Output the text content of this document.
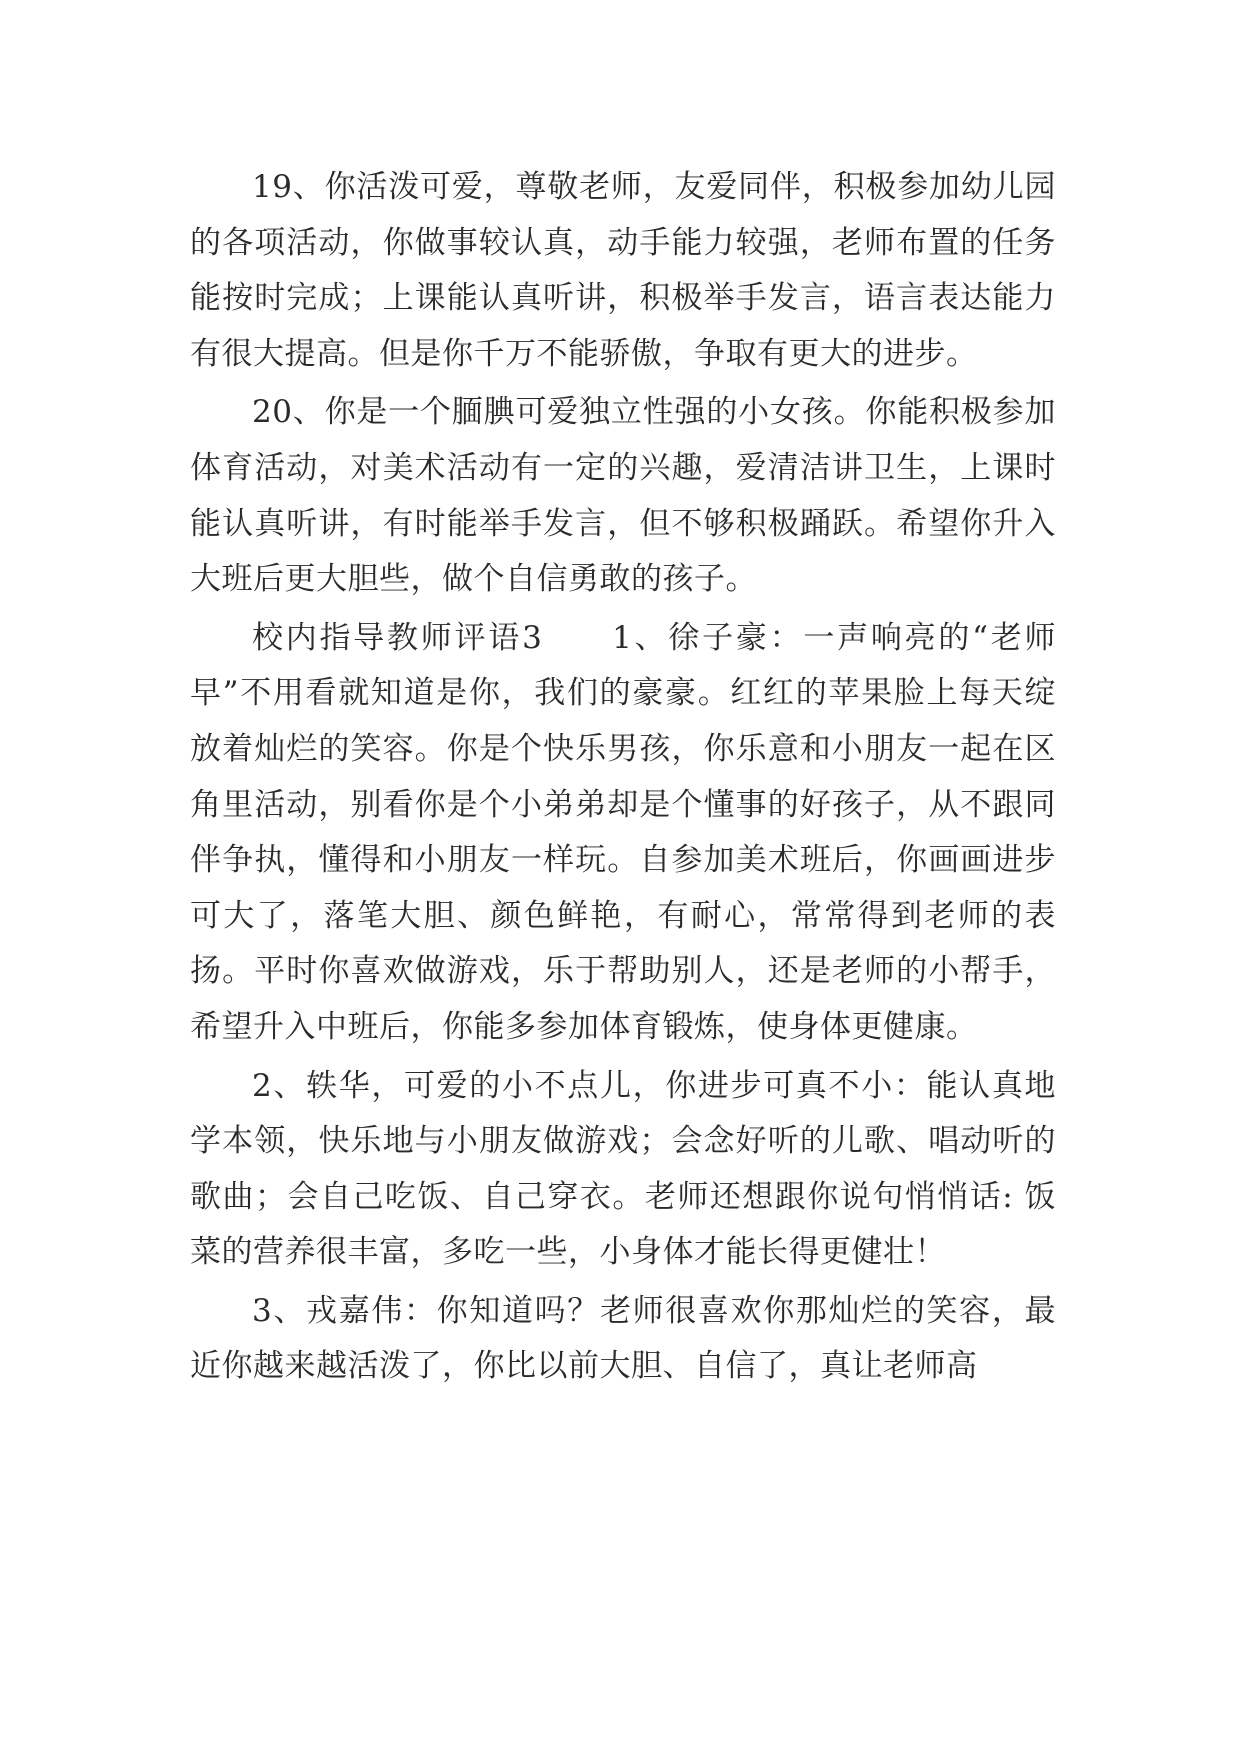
19、你活泼可爱，尊敬老师，友爱同伴，积极参加幼儿园的各项活动，你做事较认真，动手能力较强，老师布置的任务能按时完成；上课能认真听讲，积极举手发言，语言表达能力有很大提高。但是你千万不能骄傲，争取有更大的进步。

20、你是一个腼腆可爱独立性强的小女孩。你能积极参加体育活动，对美术活动有一定的兴趣，爱清洁讲卫生，上课时能认真听讲，有时能举手发言，但不够积极踊跃。希望你升入大班后更大胆些，做个自信勇敢的孩子。

校内指导教师评语3　　1、徐子豪：一声响亮的“老师早”不用看就知道是你，我们的豪豪。红红的苹果脸上每天绽放着灿烂的笑容。你是个快乐男孩，你乐意和小朋友一起在区角里活动，别看你是个小弟弟却是个懂事的好孩子，从不跟同伴争执，懂得和小朋友一样玩。自参加美术班后，你画画进步可大了，落笔大胆、颜色鲜艳，有耐心，常常得到老师的表扬。平时你喜欢做游戏，乐于帮助别人，还是老师的小帮手，希望升入中班后，你能多参加体育锻炼，使身体更健康。

2、轶华，可爱的小不点儿，你进步可真不小：能认真地学本领，快乐地与小朋友做游戏；会念好听的儿歌、唱动听的歌曲；会自己吃饭、自己穿衣。老师还想跟你说句悄悄话: 饭菜的营养很丰富，多吃一些，小身体才能长得更健壮！

3、戎嘉伟：你知道吗？老师很喜欢你那灿烂的笑容，最近你越来越活泼了，你比以前大胆、自信了，真让老师高
